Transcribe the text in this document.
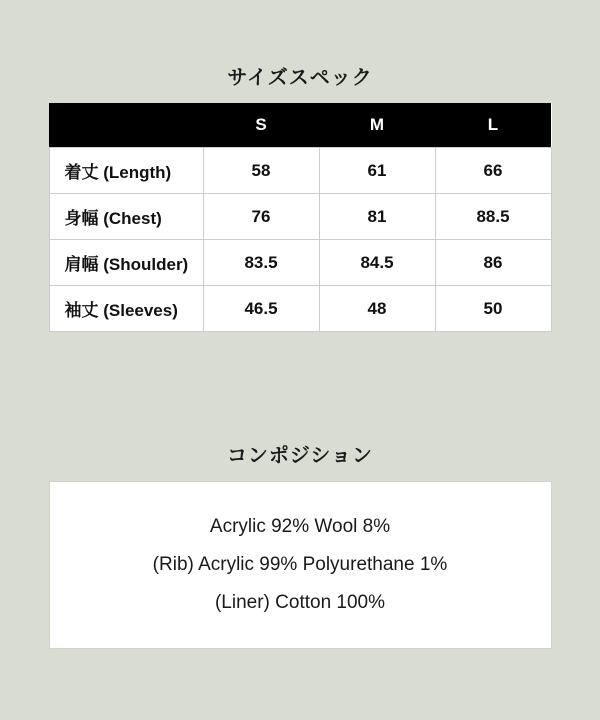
サイズスペック
	S	M	L
着丈 (Length)	58	61	66
身幅 (Chest)	76	81	88.5
肩幅 (Shoulder)	83.5	84.5	86
袖丈 (Sleeves)	46.5	48	50
コンポジション
Acrylic 92% Wool 8%
(Rib) Acrylic 99% Polyurethane 1%
(Liner) Cotton 100%
